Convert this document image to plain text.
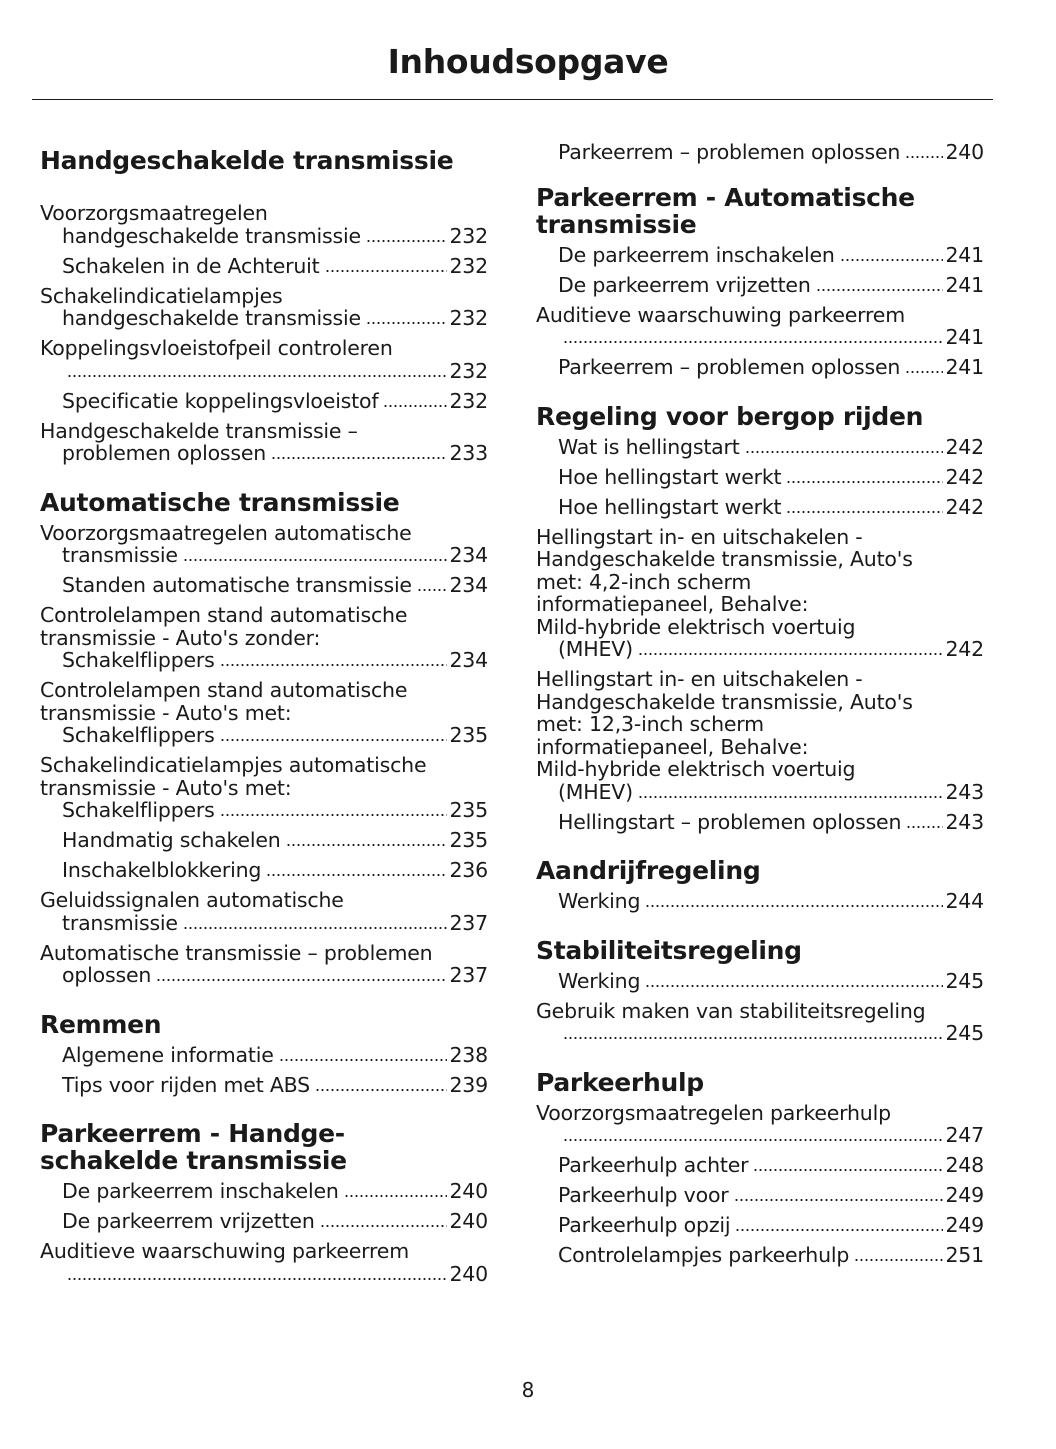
Inhoudsopgave
Handgeschakelde transmissie
Voorzorgsmaatregelen
handgeschakelde transmissie	232
Schakelen in de Achteruit	232
Schakelindicatielampjes
handgeschakelde transmissie	232
Koppelingsvloeistofpeil controleren
232
Specificatie koppelingsvloeistof	232
Handgeschakelde transmissie –
problemen oplossen	233
Automatische transmissie
Voorzorgsmaatregelen automatische
transmissie	234
Standen automatische transmissie 234
Controlelampen stand automatische
transmissie - Auto's zonder:
Schakelflippers	234
Controlelampen stand automatische
transmissie - Auto's met:
Schakelflippers	235
Schakelindicatielampjes automatische
transmissie - Auto's met:
Schakelflippers	235
Handmatig schakelen	235
Inschakelblokkering	236
Geluidssignalen automatische
transmissie	237
Automatische transmissie – problemen
oplossen	237
Remmen
Algemene informatie	238
Tips voor rijden met ABS	239
Parkeerrem - Handge-
schakelde transmissie
De parkeerrem inschakelen	240
De parkeerrem vrijzetten	240
Auditieve waarschuwing parkeerrem
240
Parkeerrem – problemen oplossen 240
Parkeerrem - Automatische
transmissie
De parkeerrem inschakelen	241
De parkeerrem vrijzetten	241
Auditieve waarschuwing parkeerrem
241
Parkeerrem – problemen oplossen 241
Regeling voor bergop rijden
Wat is hellingstart	242
Hoe hellingstart werkt	242
Hoe hellingstart werkt	242
Hellingstart in- en uitschakelen -
Handgeschakelde transmissie, Auto's
met: 4,2-inch scherm
informatiepaneel, Behalve:
Mild-hybride elektrisch voertuig
(MHEV)	242
Hellingstart in- en uitschakelen -
Handgeschakelde transmissie, Auto's
met: 12,3-inch scherm
informatiepaneel, Behalve:
Mild-hybride elektrisch voertuig
(MHEV)	243
Hellingstart – problemen oplossen 243
Aandrijfregeling
Werking	244
Stabiliteitsregeling
Werking	245
Gebruik maken van stabiliteitsregeling
245
Parkeerhulp
Voorzorgsmaatregelen parkeerhulp
247
Parkeerhulp achter	248
Parkeerhulp voor	249
Parkeerhulp opzij	249
Controlelampjes parkeerhulp	251
8
